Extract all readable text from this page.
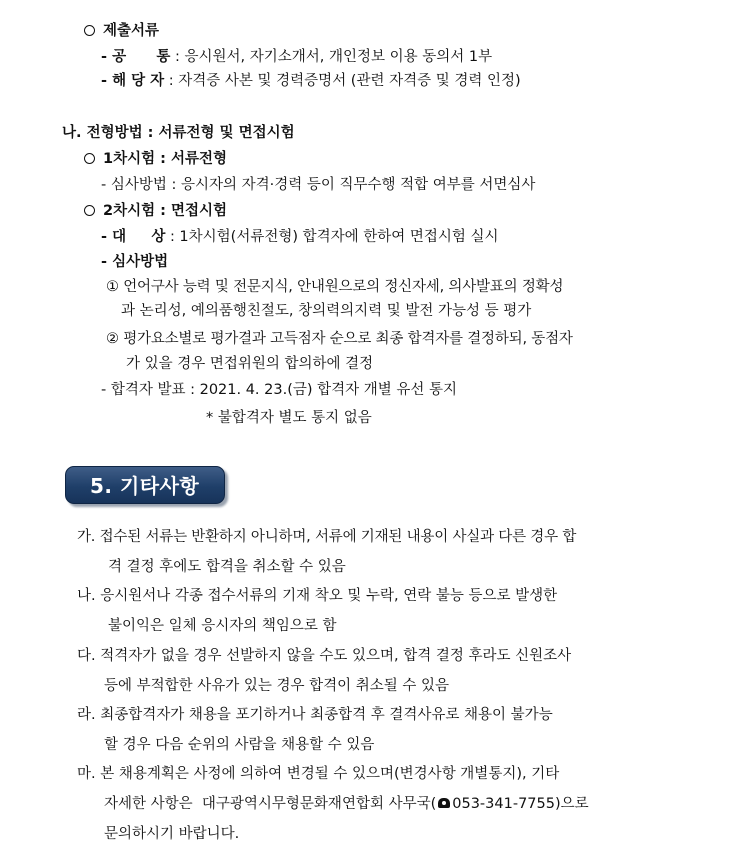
제출서류
- 공      통 : 응시원서, 자기소개서, 개인정보 이용 동의서 1부
- 해 당 자 : 자격증 사본 및 경력증명서 (관련 자격증 및 경력 인정)
나. 전형방법 : 서류전형 및 면접시험
1차시험 : 서류전형
- 심사방법 : 응시자의 자격·경력 등이 직무수행 적합 여부를 서면심사
2차시험 : 면접시험
- 대     상 : 1차시험(서류전형) 합격자에 한하여 면접시험 실시
- 심사방법
① 언어구사 능력 및 전문지식, 안내원으로의 정신자세, 의사발표의 정확성
과 논리성, 예의품행친절도, 창의력의지력 및 발전 가능성 등 평가
② 평가요소별로 평가결과 고득점자 순으로 최종 합격자를 결정하되, 동점자
가 있을 경우 면접위원의 합의하에 결정
- 합격자 발표 : 2021. 4. 23.(금) 합격자 개별 유선 통지
* 불합격자 별도 통지 없음
5. 기타사항
가. 접수된 서류는 반환하지 아니하며, 서류에 기재된 내용이 사실과 다른 경우 합
격 결정 후에도 합격을 취소할 수 있음
나. 응시원서나 각종 접수서류의 기재 착오 및 누락, 연락 불능 등으로 발생한
불이익은 일체 응시자의 책임으로 함
다. 적격자가 없을 경우 선발하지 않을 수도 있으며, 합격 결정 후라도 신원조사
등에 부적합한 사유가 있는 경우 합격이 취소될 수 있음
라. 최종합격자가 채용을 포기하거나 최종합격 후 결격사유로 채용이 불가능
할 경우 다음 순위의 사람을 채용할 수 있음
마. 본 채용계획은 사정에 의하여 변경될 수 있으며(변경사항 개별통지), 기타
자세한 사항은  대구광역시무형문화재연합회 사무국( 053-341-7755)으로
문의하시기 바랍니다.
